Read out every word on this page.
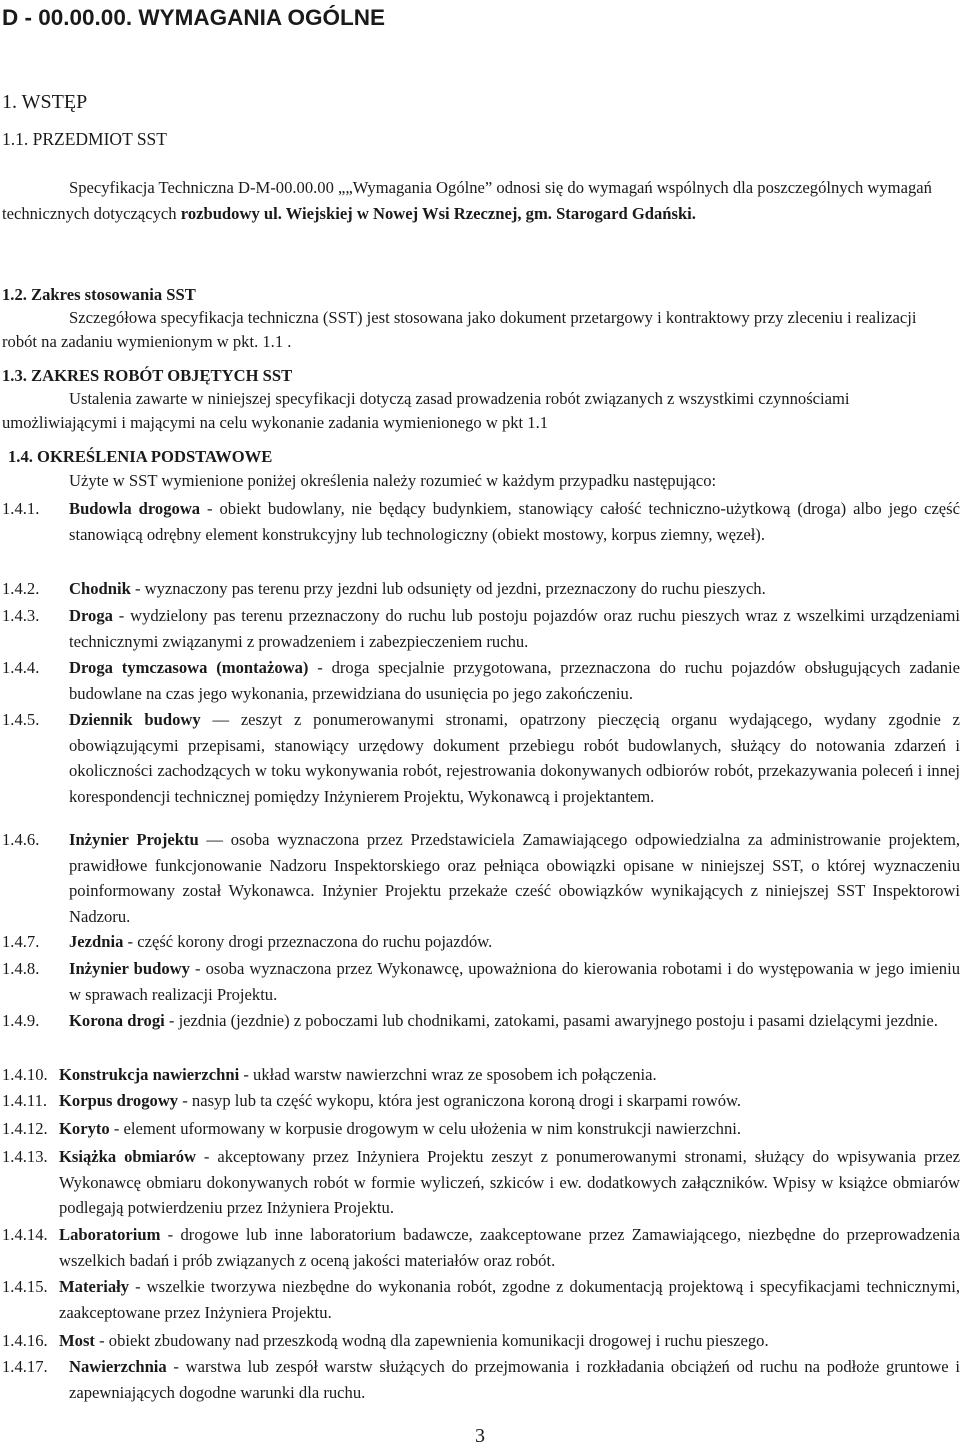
D - 00.00.00. WYMAGANIA OGÓLNE
1. WSTĘP
1.1. PRZEDMIOT SST
Specyfikacja Techniczna D-M-00.00.00 „„Wymagania Ogólne” odnosi się do wymagań wspólnych dla poszczególnych wymagań technicznych dotyczących rozbudowy ul. Wiejskiej w Nowej Wsi Rzecznej, gm. Starogard Gdański.
1.2. Zakres stosowania SST
Szczegółowa specyfikacja techniczna (SST) jest stosowana jako dokument przetargowy i kontraktowy przy zleceniu i realizacji robót na zadaniu wymienionym w pkt. 1.1 .
1.3. ZAKRES ROBÓT OBJĘTYCH SST
Ustalenia zawarte w niniejszej specyfikacji dotyczą zasad prowadzenia robót związanych z wszystkimi czynnościami umożliwiającymi i mającymi na celu wykonanie zadania wymienionego w pkt 1.1
1.4. OKREŚLENIA PODSTAWOWE
Użyte w SST wymienione poniżej określenia należy rozumieć w każdym przypadku następująco:
1.4.1.	Budowla drogowa - obiekt budowlany, nie będący budynkiem, stanowiący całość techniczno-użytkową (droga) albo jego część stanowiącą odrębny element konstrukcyjny lub technologiczny (obiekt mostowy, korpus ziemny, węzeł).
1.4.2.	Chodnik - wyznaczony pas terenu przy jezdni lub odsunięty od jezdni, przeznaczony do ruchu pieszych.
1.4.3.	Droga - wydzielony pas terenu przeznaczony do ruchu lub postoju pojazdów oraz ruchu pieszych wraz z wszelkimi urządzeniami technicznymi związanymi z prowadzeniem i zabezpieczeniem ruchu.
1.4.4.	Droga tymczasowa (montażowa) - droga specjalnie przygotowana, przeznaczona do ruchu pojazdów obsługujących zadanie budowlane na czas jego wykonania, przewidziana do usunięcia po jego zakończeniu.
1.4.5.	Dziennik budowy — zeszyt z ponumerowanymi stronami, opatrzony pieczęcią organu wydającego, wydany zgodnie z obowiązującymi przepisami, stanowiący urzędowy dokument przebiegu robót budowlanych, służący do notowania zdarzeń i okoliczności zachodzących w toku wykonywania robót, rejestrowania dokonywanych odbiorów robót, przekazywania poleceń i innej korespondencji technicznej pomiędzy Inżynierem Projektu, Wykonawcą i projektantem.
1.4.6.	Inżynier Projektu — osoba wyznaczona przez Przedstawiciela Zamawiającego odpowiedzialna za administrowanie projektem, prawidłowe funkcjonowanie Nadzoru Inspektorskiego oraz pełniąca obowiązki opisane w niniejszej SST, o której wyznaczeniu poinformowany został Wykonawca. Inżynier Projektu przekaże cześć obowiązków wynikających z niniejszej SST Inspektorowi Nadzoru.
1.4.7.	Jezdnia - część korony drogi przeznaczona do ruchu pojazdów.
1.4.8.	Inżynier budowy - osoba wyznaczona przez Wykonawcę, upoważniona do kierowania robotami i do występowania w jego imieniu w sprawach realizacji Projektu.
1.4.9.	Korona drogi - jezdnia (jezdnie) z poboczami lub chodnikami, zatokami, pasami awaryjnego postoju i pasami dzielącymi jezdnie.
1.4.10. Konstrukcja nawierzchni - układ warstw nawierzchni wraz ze sposobem ich połączenia.
1.4.11. Korpus drogowy - nasyp lub ta część wykopu, która jest ograniczona koroną drogi i skarpami rowów.
1.4.12. Koryto - element uformowany w korpusie drogowym w celu ułożenia w nim konstrukcji nawierzchni.
1.4.13. Książka obmiarów - akceptowany przez Inżyniera Projektu zeszyt z ponumerowanymi stronami, służący do wpisywania przez Wykonawcę obmiaru dokonywanych robót w formie wyliczeń, szkiców i ew. dodatkowych załączników. Wpisy w książce obmiarów podlegają potwierdzeniu przez Inżyniera Projektu.
1.4.14. Laboratorium - drogowe lub inne laboratorium badawcze, zaakceptowane przez Zamawiającego, niezbędne do przeprowadzenia wszelkich badań i prób związanych z oceną jakości materiałów oraz robót.
1.4.15. Materiały - wszelkie tworzywa niezbędne do wykonania robót, zgodne z dokumentacją projektową i specyfikacjami technicznymi, zaakceptowane przez Inżyniera Projektu.
1.4.16. Most - obiekt zbudowany nad przeszkodą wodną dla zapewnienia komunikacji drogowej i ruchu pieszego.
1.4.17.	Nawierzchnia - warstwa lub zespół warstw służących do przejmowania i rozkładania obciążeń od ruchu na podłoże gruntowe i zapewniających dogodne warunki dla ruchu.
3
